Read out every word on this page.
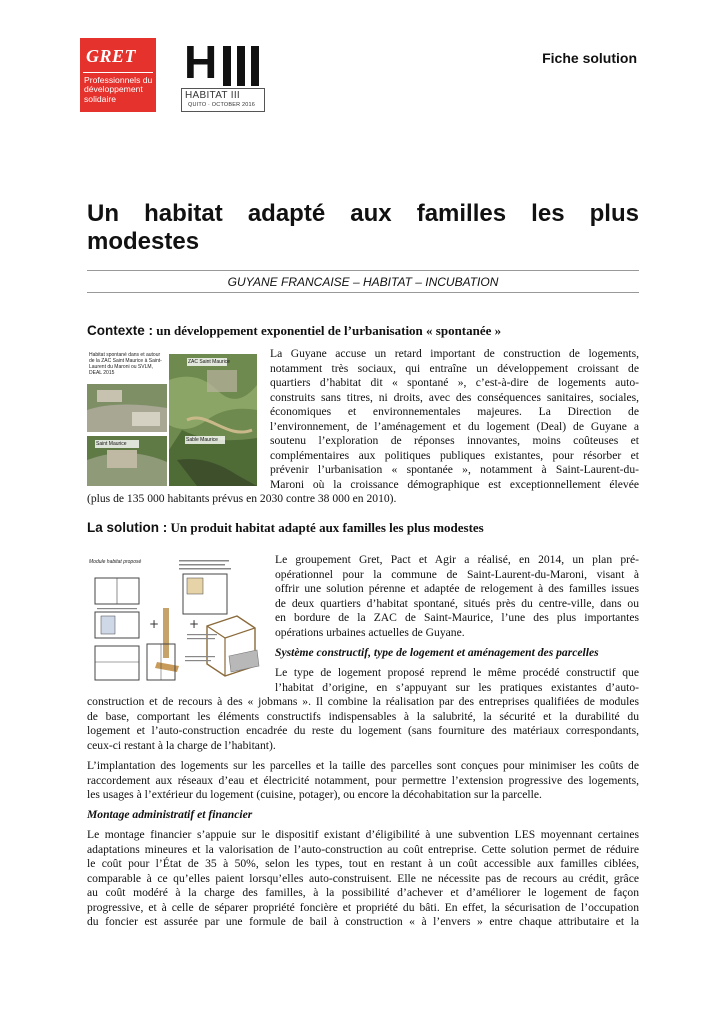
GRET
Professionnels du développement solidaire
H
HABITAT III
QUITO · OCTOBER 2016
Fiche solution
Un habitat adapté aux familles les plus
modestes
GUYANE FRANCAISE – HABITAT – INCUBATION
Contexte : un développement exponentiel de l’urbanisation « spontanée »
Habitat spontané dans et autour de la ZAC Saint Maurice à Saint-Laurent du Maroni ou SVLM, DEAL 2015
ZAC Saint Maurice
Saint Maurice
Sable Maurice
La Guyane accuse un retard important de construction de logements,
notamment très sociaux, qui entraîne un développement croissant de
quartiers d’habitat dit « spontané », c’est-à-dire de logements auto-
construits sans titres, ni droits, avec des conséquences sanitaires, sociales,
économiques et environnementales majeures. La Direction de
l’environnement, de l’aménagement et du logement (Deal) de Guyane a
soutenu l’exploration de réponses innovantes, moins coûteuses et
complémentaires aux politiques publiques existantes, pour résorber et
prévenir l’urbanisation « spontanée », notamment à Saint-Laurent-du-
Maroni où la croissance démographique est exceptionnellement élevée
(plus de 135 000 habitants prévus en 2030 contre 38 000 en 2010).
La solution : Un produit habitat adapté aux familles les plus modestes
+ +
Module habitat proposé	Le groupement Gret, Pact et Agir a réalisé, en 2014, un plan pré-
opérationnel pour la commune de Saint-Laurent-du-Maroni, visant à
offrir une solution pérenne et adaptée de relogement à des familles issues
de deux quartiers d’habitat spontané, situés près du centre-ville, dans ou
en bordure de la ZAC de Saint-Maurice, l’une des plus importantes
opérations urbaines actuelles de Guyane.
Système constructif, type de logement et aménagement des parcelles
Le type de logement proposé reprend le même procédé constructif que
l’habitat d’origine, en s’appuyant sur les pratiques existantes d’auto-
construction et de recours à des « jobmans ». Il combine la réalisation par des entreprises qualifiées de modules
de base, comportant les éléments constructifs indispensables à la salubrité, la sécurité et la durabilité du
logement et l’auto-construction encadrée du reste du logement (sans fourniture des matériaux correspondants,
ceux-ci restant à la charge de l’habitant).
L’implantation des logements sur les parcelles et la taille des parcelles sont conçues pour minimiser les coûts de
raccordement aux réseaux d’eau et électricité notamment, pour permettre l’extension progressive des logements,
les usages à l’extérieur du logement (cuisine, potager), ou encore la décohabitation sur la parcelle.
Montage administratif et financier
Le montage financier s’appuie sur le dispositif existant d’éligibilité à une subvention LES moyennant certaines
adaptations mineures et la valorisation de l’auto-construction au coût entreprise. Cette solution permet de réduire
le coût pour l’État de 35 à 50%, selon les types, tout en restant à un coût accessible aux familles ciblées,
comparable à ce qu’elles paient lorsqu’elles auto-construisent. Elle ne nécessite pas de recours au crédit, grâce
au coût modéré à la charge des familles, à la possibilité d’achever et d’améliorer le logement de façon
progressive, et à celle de séparer propriété foncière et propriété du bâti. En effet, la sécurisation de l’occupation
du foncier est assurée par une formule de bail à construction « à l’envers » entre chaque attributaire et la
